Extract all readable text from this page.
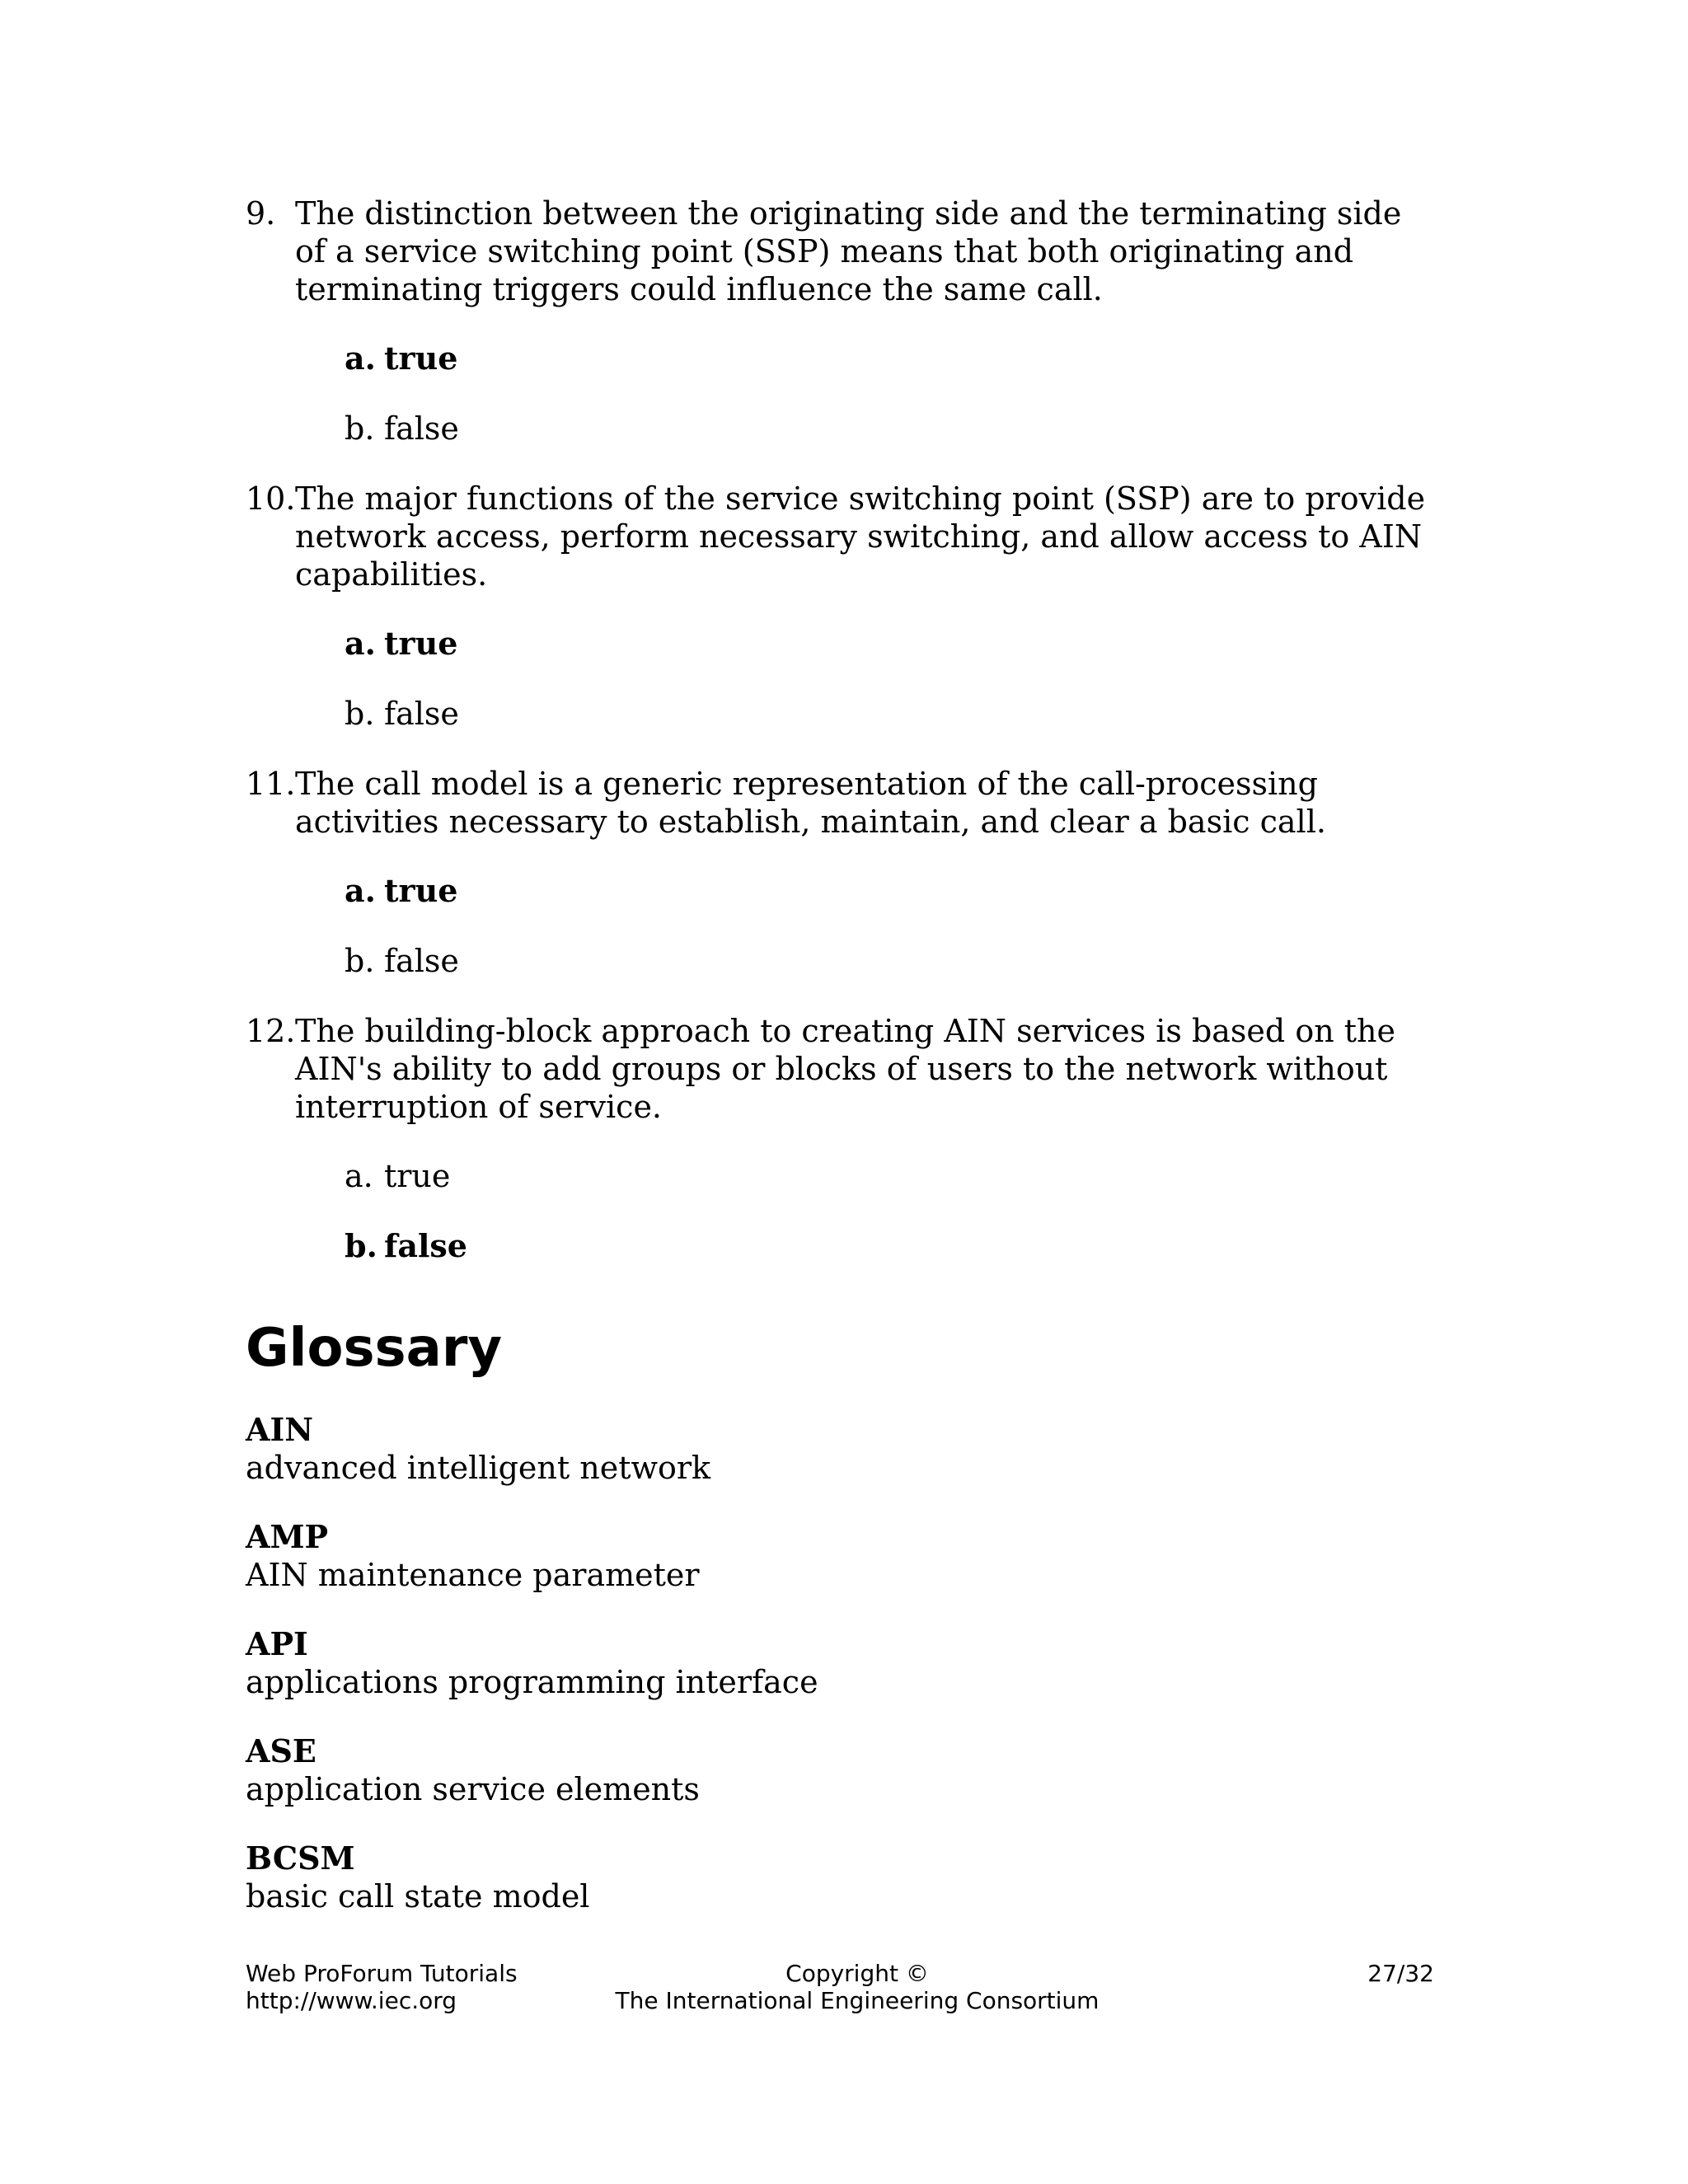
9. The distinction between the originating side and the terminating side of a service switching point (SSP) means that both originating and terminating triggers could influence the same call.
a. true
b. false
10. The major functions of the service switching point (SSP) are to provide network access, perform necessary switching, and allow access to AIN capabilities.
a. true
b. false
11. The call model is a generic representation of the call-processing activities necessary to establish, maintain, and clear a basic call.
a. true
b. false
12. The building-block approach to creating AIN services is based on the AIN's ability to add groups or blocks of users to the network without interruption of service.
a. true
b. false
Glossary
AIN
advanced intelligent network
AMP
AIN maintenance parameter
API
applications programming interface
ASE
application service elements
BCSM
basic call state model
Web ProForum Tutorials
http://www.iec.org
Copyright ©
The International Engineering Consortium
27/32
